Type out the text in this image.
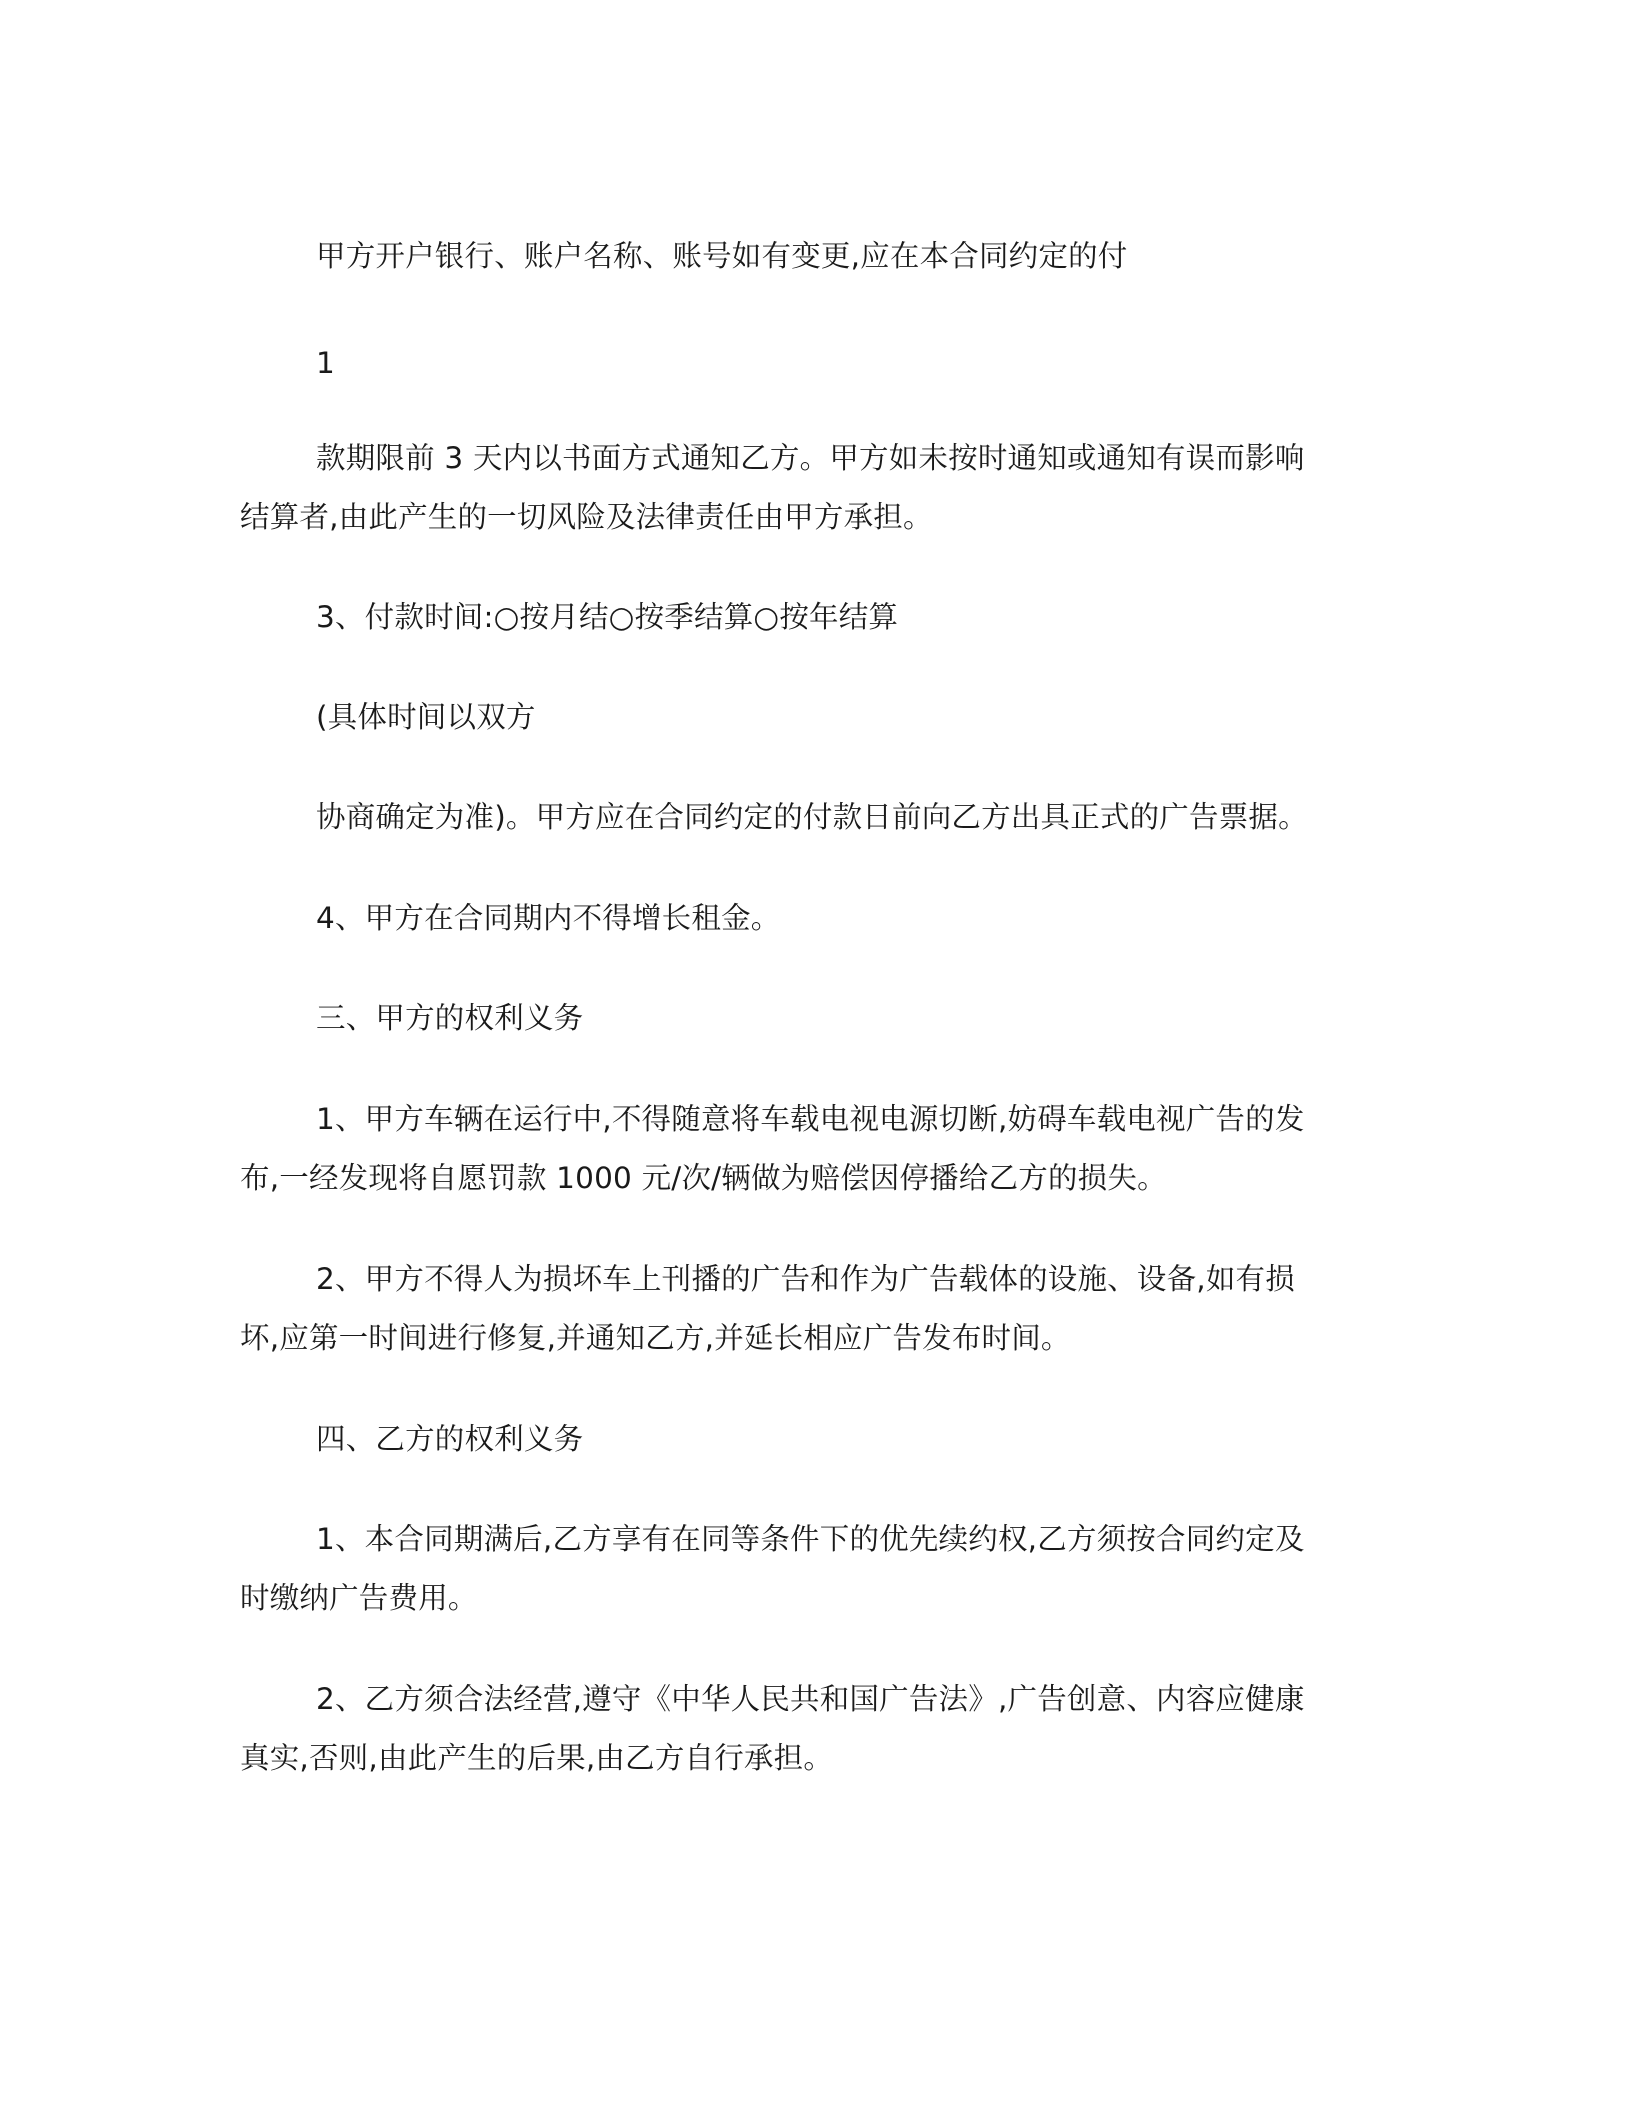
甲方开户银行、账户名称、账号如有变更,应在本合同约定的付
1
款期限前 3 天内以书面方式通知乙方。甲方如未按时通知或通知有误而影响
结算者,由此产生的一切风险及法律责任由甲方承担。
3、付款时间:○按月结○按季结算○按年结算
(具体时间以双方
协商确定为准)。甲方应在合同约定的付款日前向乙方出具正式的广告票据。
4、甲方在合同期内不得增长租金。
三、甲方的权利义务
1、甲方车辆在运行中,不得随意将车载电视电源切断,妨碍车载电视广告的发
布,一经发现将自愿罚款 1000 元/次/辆做为赔偿因停播给乙方的损失。
2、甲方不得人为损坏车上刊播的广告和作为广告载体的设施、设备,如有损
坏,应第一时间进行修复,并通知乙方,并延长相应广告发布时间。
四、乙方的权利义务
1、本合同期满后,乙方享有在同等条件下的优先续约权,乙方须按合同约定及
时缴纳广告费用。
2、乙方须合法经营,遵守《中华人民共和国广告法》,广告创意、内容应健康
真实,否则,由此产生的后果,由乙方自行承担。
